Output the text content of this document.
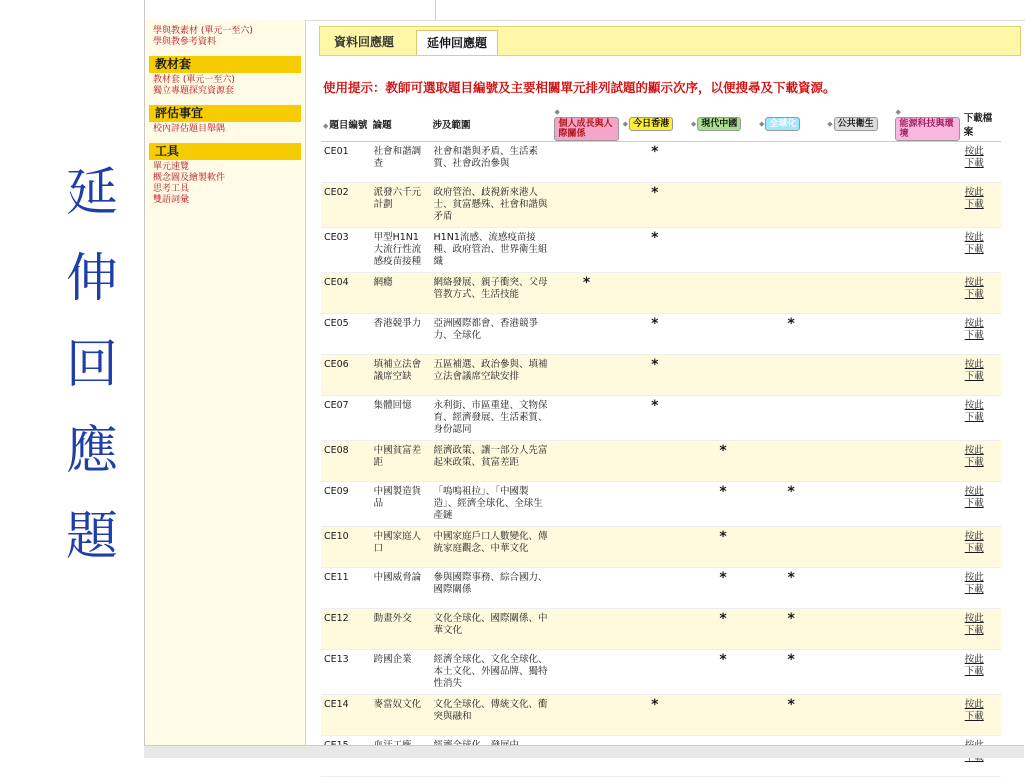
延
伸
回
應
題
學與教素材 (單元一至六)
學與教參考資料
教材套
教材套 (單元一至六)
獨立專題探究資源套
評估事宜
校內評估題目舉隅
工具
單元速覽
概念圖及繪製軟件
思考工具
雙語詞彙
資料回應題	延伸回應題
使用提示：教師可選取題目編號及主要相關單元排列試題的顯示次序，以便搜尋及下載資源。
◆題目編號	論題	涉及範圍	◆個人成長與人際關係	◆ 今日香港	◆ 現代中國	◆ 全球化	◆ 公共衛生	◆能源科技與環境	下載檔案
CE01	社會和諧調查	社會和諧與矛盾、生活素質、社會政治參與		*					按此
下載
CE02	派發六千元計劃	政府管治、歧視新來港人士、貧富懸殊、社會和諧與矛盾		*					按此
下載
CE03	甲型H1N1大流行性流感疫苗接種	H1N1流感、流感疫苗接種、政府管治、世界衛生組織		*					按此
下載
CE04	網癮	網絡發展、親子衝突、父母管教方式、生活技能	*						按此
下載
CE05	香港競爭力	亞洲國際都會、香港競爭力、全球化		*		*			按此
下載
CE06	填補立法會議席空缺	五區補選、政治參與、填補立法會議席空缺安排		*					按此
下載
CE07	集體回憶	永利街、市區重建、文物保育、經濟發展、生活素質、身份認同		*					按此
下載
CE08	中國貧富差距	經濟政策、讓一部分人先富起來政策、貧富差距			*				按此
下載
CE09	中國製造貨品	「嗚嗚祖拉」、「中國製造」、經濟全球化、全球生產鏈			*	*			按此
下載
CE10	中國家庭人口	中國家庭戶口人數變化、傳統家庭觀念、中華文化			*				按此
下載
CE11	中國威脅論	參與國際事務、綜合國力、國際關係			*	*			按此
下載
CE12	動畫外交	文化全球化、國際關係、中華文化			*	*			按此
下載
CE13	跨國企業	經濟全球化、文化全球化、本土文化、外國品牌、獨特性消失			*	*			按此
下載
CE14	麥當奴文化	文化全球化、傳統文化、衝突與融和		*		*			按此
下載
